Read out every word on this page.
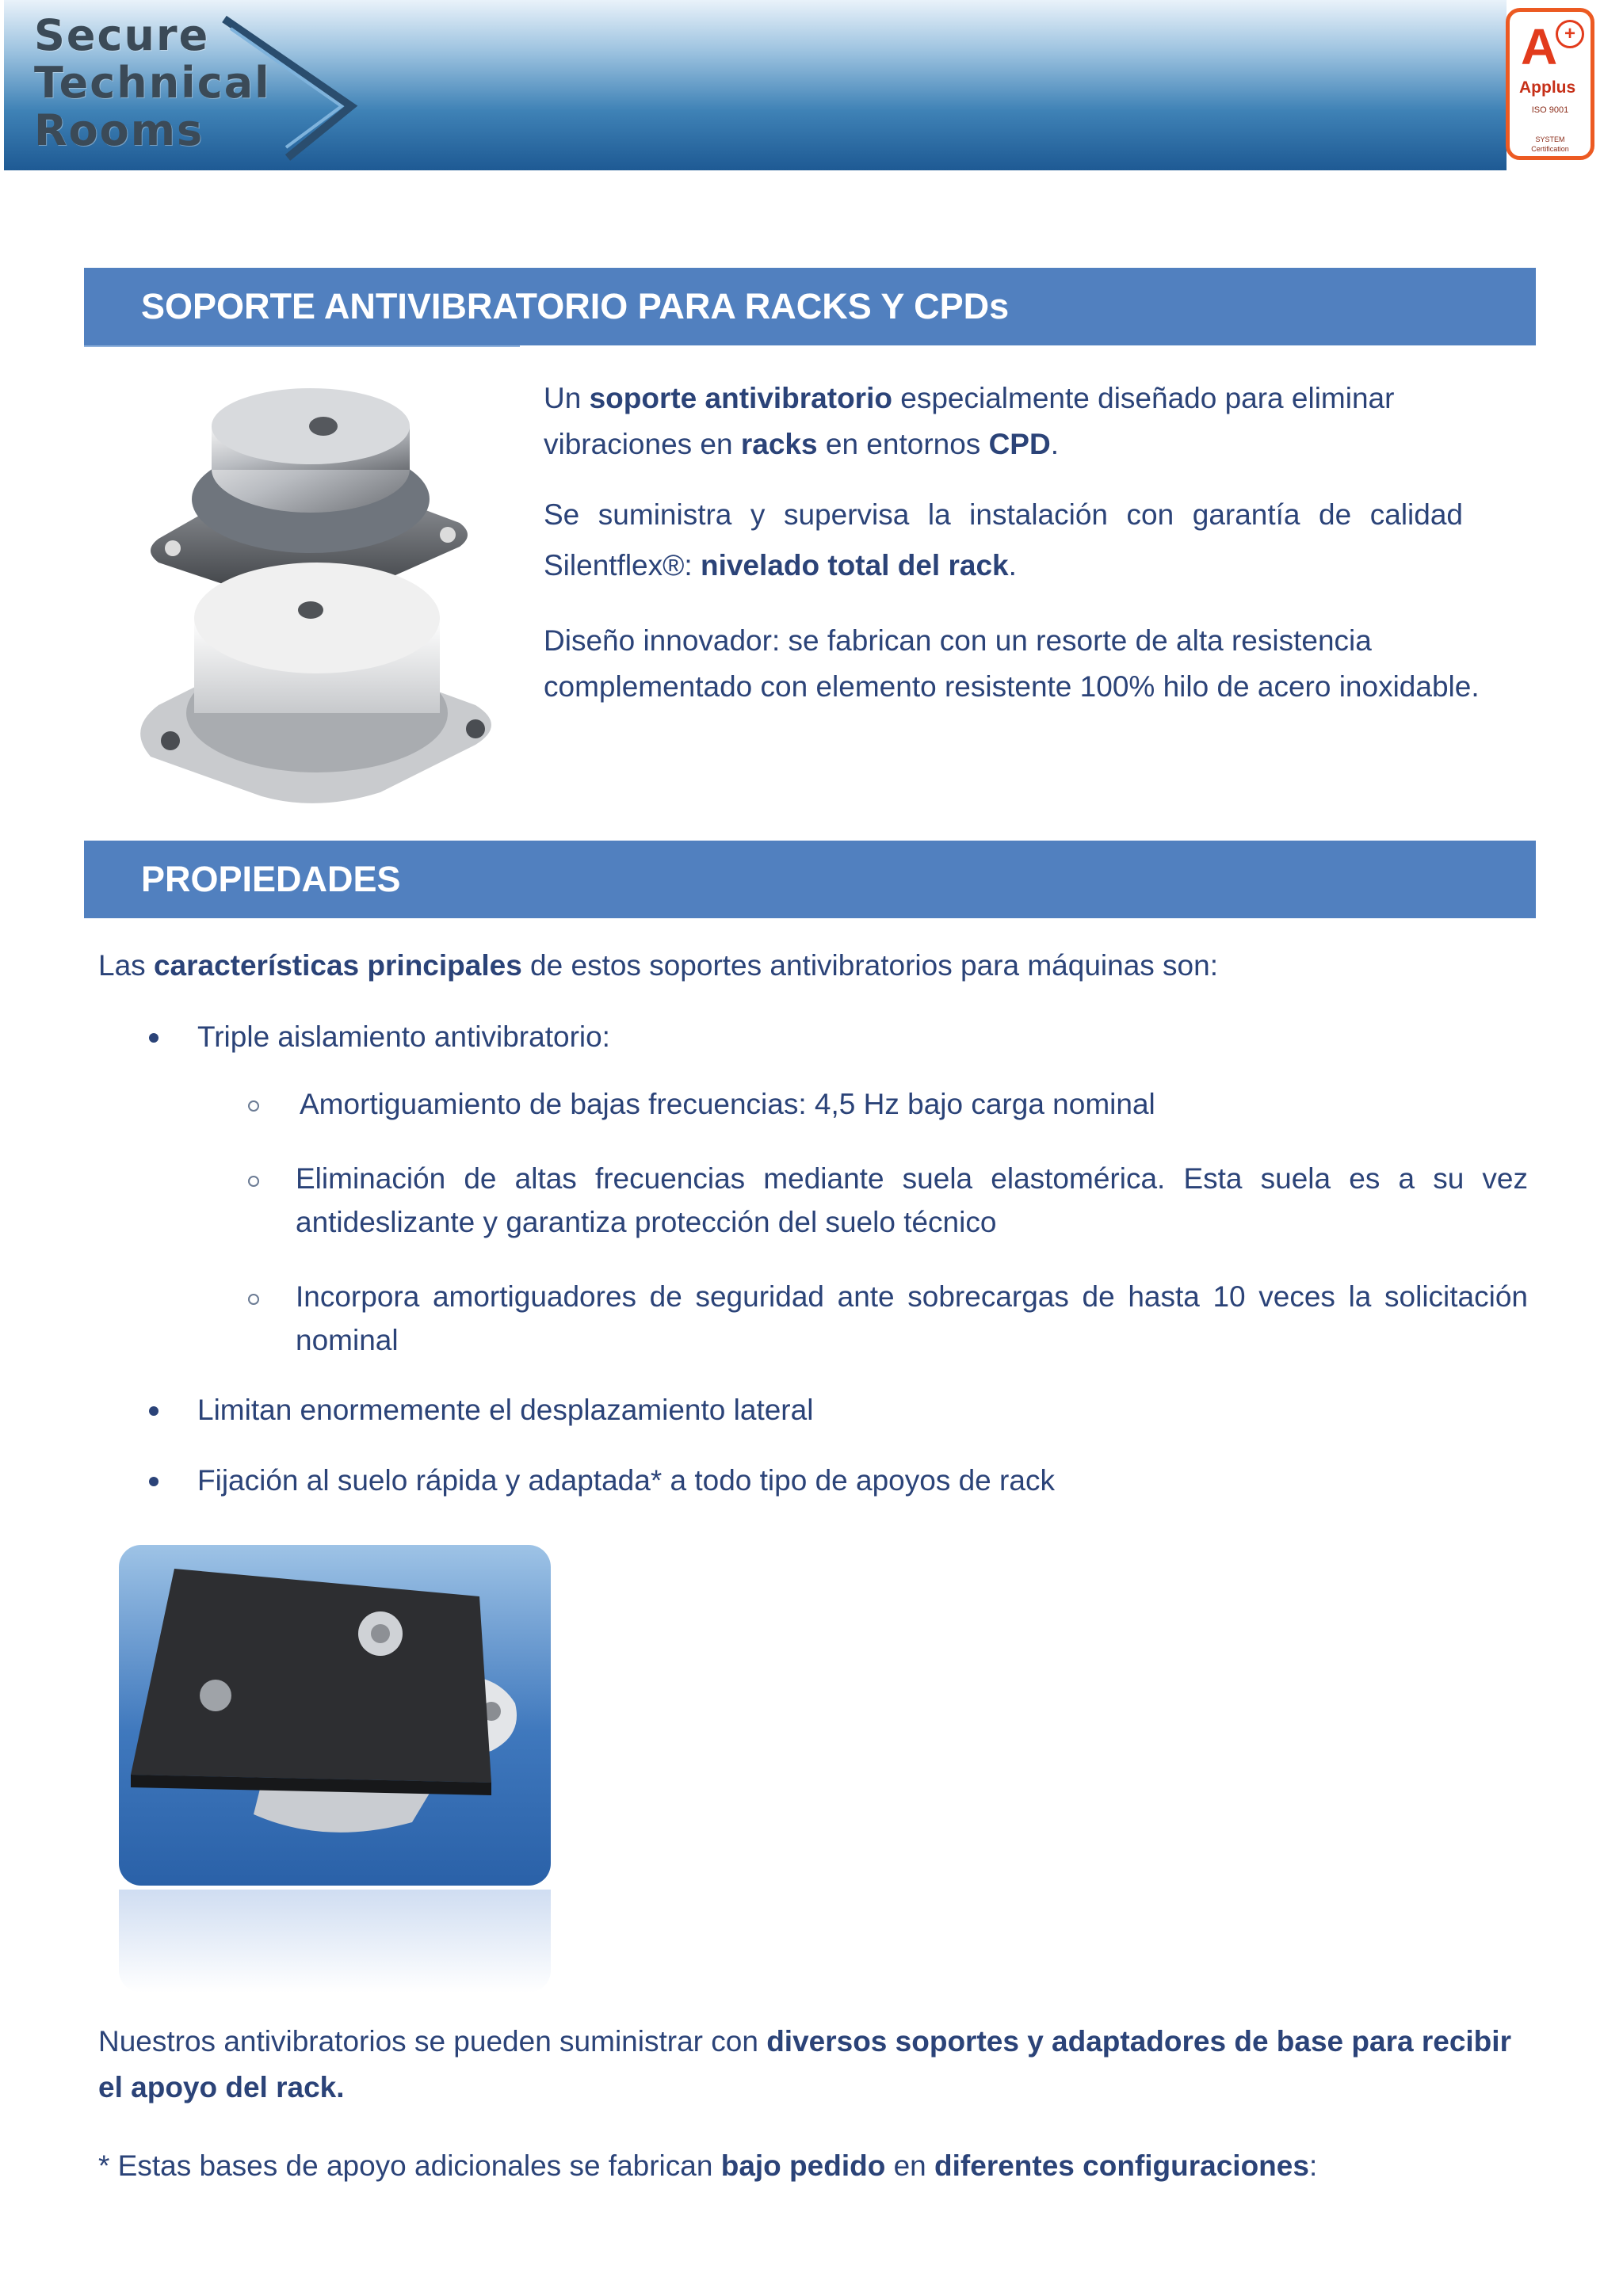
Secure
Technical
Rooms
A +
Applus
ISO 9001
SYSTEM
Certification
SOPORTE ANTIVIBRATORIO PARA RACKS Y CPDs

Un soporte antivibratorio especialmente diseñado para eliminar vibraciones en racks en entornos CPD.

Se suministra y supervisa la instalación con garantía de calidad Silentflex®: nivelado total del rack.

Diseño innovador: se fabrican con un resorte de alta resistencia complementado con elemento resistente 100% hilo de acero inoxidable.

PROPIEDADES

Las características principales de estos soportes antivibratorios para máquinas son:

Triple aislamiento antivibratorio:

Amortiguamiento de bajas frecuencias: 4,5 Hz bajo carga nominal

Eliminación de altas frecuencias mediante suela elastomérica. Esta suela es a su vez antideslizante y garantiza protección del suelo técnico

Incorpora amortiguadores de seguridad ante sobrecargas de hasta 10 veces la solicitación nominal

Limitan enormemente el desplazamiento lateral

Fijación al suelo rápida y adaptada* a todo tipo de apoyos de rack

Nuestros antivibratorios se pueden suministrar con diversos soportes y adaptadores de base para recibir el apoyo del rack.

* Estas bases de apoyo adicionales se fabrican bajo pedido en diferentes configuraciones:
